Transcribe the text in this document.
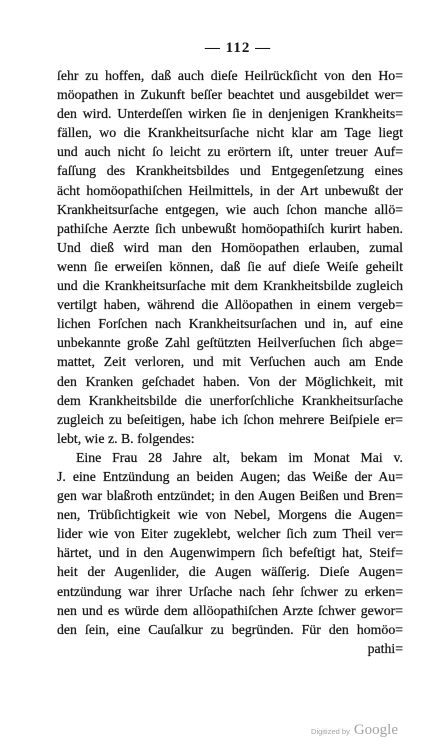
— 112 —
ſehr zu hoffen, daß auch dieſe Heilrückſicht von den Ho=
möopathen in Zukunft beſſer beachtet und ausgebildet wer=
den wird. Unterdeſſen wirken ſie in denjenigen Krankheits=
fällen, wo die Krankheitsurſache nicht klar am Tage liegt
und auch nicht ſo leicht zu erörtern iſt, unter treuer Auf=
faſſung des Krankheitsbildes und Entgegenſetzung eines
ächt homöopathiſchen Heilmittels, in der Art unbewußt der
Krankheitsurſache entgegen, wie auch ſchon manche allö=
pathiſche Aerzte ſich unbewußt homöopathiſch kurirt haben.
Und dieß wird man den Homöopathen erlauben, zumal
wenn ſie erweiſen können, daß ſie auf dieſe Weiſe geheilt
und die Krankheitsurſache mit dem Krankheitsbilde zugleich
vertilgt haben, während die Allöopathen in einem vergeb=
lichen Forſchen nach Krankheitsurſachen und in, auf eine
unbekannte große Zahl geſtützten Heilverſuchen ſich abge=
mattet, Zeit verloren, und mit Verſuchen auch am Ende
den Kranken geſchadet haben. Von der Möglichkeit, mit
dem Krankheitsbilde die unerforſchliche Krankheitsurſache
zugleich zu beſeitigen, habe ich ſchon mehrere Beiſpiele er=
lebt, wie z. B. folgendes:
Eine Frau 28 Jahre alt, bekam im Monat Mai v.
J. eine Entzündung an beiden Augen; das Weiße der Au=
gen war blaßroth entzündet; in den Augen Beißen und Bren=
nen, Trübſichtigkeit wie von Nebel, Morgens die Augen=
lider wie von Eiter zugeklebt, welcher ſich zum Theil ver=
härtet, und in den Augenwimpern ſich befeſtigt hat, Steif=
heit der Augenlider, die Augen wäſſerig. Dieſe Augen=
entzündung war ihrer Urſache nach ſehr ſchwer zu erken=
nen und es würde dem allöopathiſchen Arzte ſchwer gewor=
den ſein, eine Cauſalkur zu begründen. Für den homöo=
pathi=
Digitized by Google
